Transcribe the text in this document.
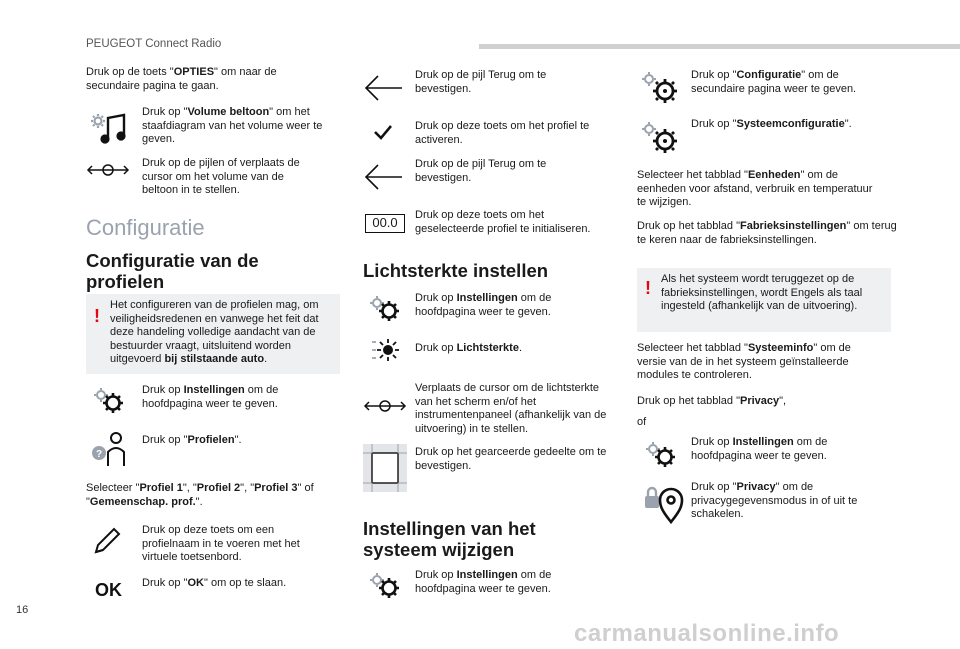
PEUGEOT Connect Radio
Druk op de toets "OPTIES" om naar de secundaire pagina te gaan.
Druk op "Volume beltoon" om het staafdiagram van het volume weer te geven.
Druk op de pijlen of verplaats de cursor om het volume van de beltoon in te stellen.
Configuratie
Configuratie van de profielen
!
Het configureren van de profielen mag, om veiligheidsredenen en vanwege het feit dat deze handeling volledige aandacht van de bestuurder vraagt, uitsluitend worden uitgevoerd bij stilstaande auto.
Druk op Instellingen om de hoofdpagina weer te geven.
?
Druk op "Profielen".
Selecteer "Profiel 1", "Profiel 2", "Profiel 3" of "Gemeenschap. prof.".
Druk op deze toets om een profielnaam in te voeren met het virtuele toetsenbord.
OK Druk op "OK" om op te slaan.
Druk op de pijl Terug om te bevestigen.
Druk op deze toets om het profiel te activeren.
Druk op de pijl Terug om te bevestigen.
00.0	Druk op deze toets om het geselecteerde profiel te initialiseren.
Lichtsterkte instellen
Druk op Instellingen om de hoofdpagina weer te geven.
Druk op Lichtsterkte.
Verplaats de cursor om de lichtsterkte van het scherm en/of het instrumentenpaneel (afhankelijk van de uitvoering) in te stellen.
Druk op het gearceerde gedeelte om te bevestigen.
Instellingen van het systeem wijzigen
Druk op Instellingen om de hoofdpagina weer te geven.
Druk op "Configuratie" om de secundaire pagina weer te geven.
Druk op "Systeemconfiguratie".
Selecteer het tabblad "Eenheden" om de eenheden voor afstand, verbruik en temperatuur te wijzigen.
Druk op het tabblad "Fabrieksinstellingen" om terug te keren naar de fabrieksinstellingen.
! Als het systeem wordt teruggezet op de fabrieksinstellingen, wordt Engels als taal ingesteld (afhankelijk van de uitvoering).
Selecteer het tabblad "Systeeminfo" om de versie van de in het systeem geïnstalleerde modules te controleren.
Druk op het tabblad "Privacy",
of
Druk op Instellingen om de hoofdpagina weer te geven.
Druk op "Privacy" om de privacygegevensmodus in of uit te schakelen.
16
carmanualsonline.info
